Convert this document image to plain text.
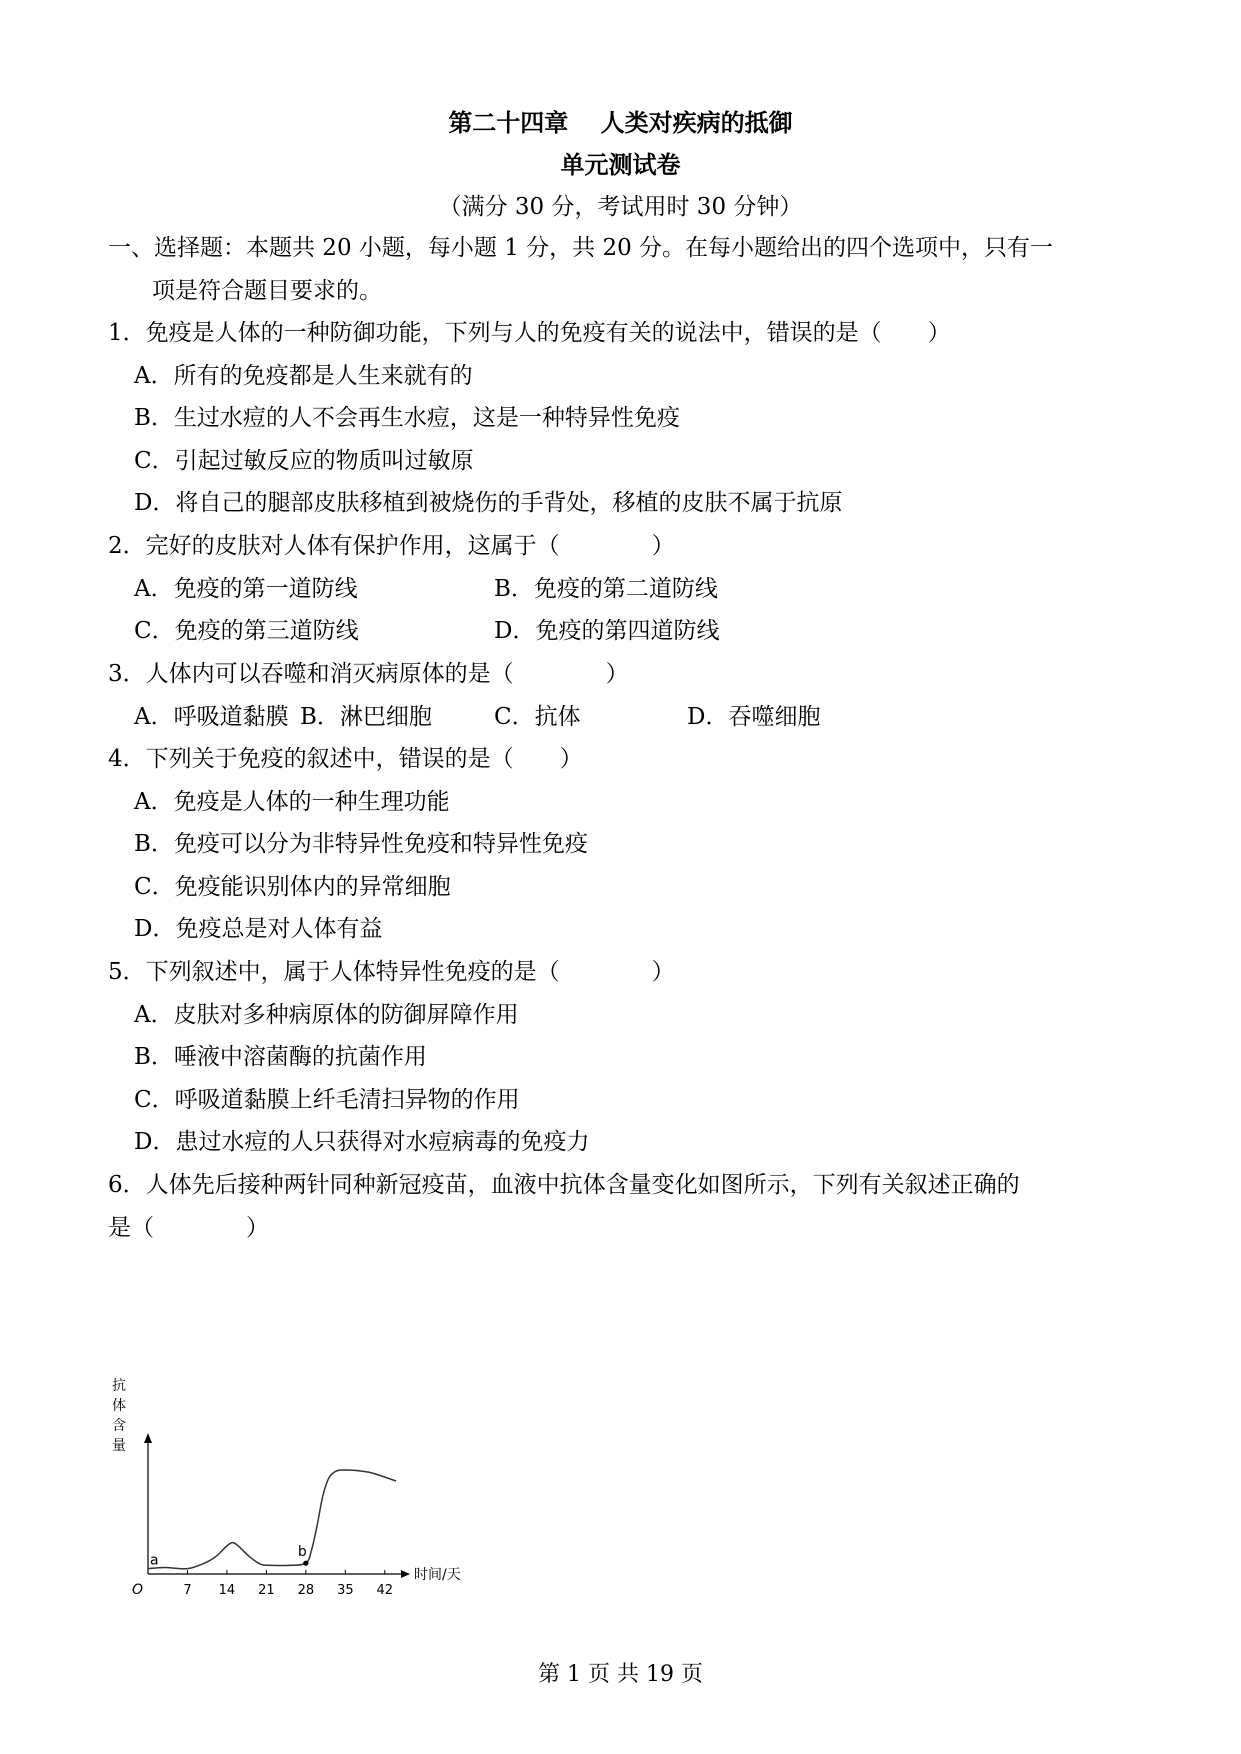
第二十四章　 人类对疾病的抵御
单元测试卷
（满分 30 分，考试用时 30 分钟）
一、选择题：本题共 20 小题，每小题 1 分，共 20 分。在每小题给出的四个选项中，只有一
项是符合题目要求的。
1．免疫是人体的一种防御功能，下列与人的免疫有关的说法中，错误的是（　　）
A．所有的免疫都是人生来就有的
B．生过水痘的人不会再生水痘，这是一种特异性免疫
C．引起过敏反应的物质叫过敏原
D．将自己的腿部皮肤移植到被烧伤的手背处，移植的皮肤不属于抗原
2．完好的皮肤对人体有保护作用，这属于（　　　　）
A．免疫的第一道防线	B．免疫的第二道防线
C．免疫的第三道防线	D．免疫的第四道防线
3．人体内可以吞噬和消灭病原体的是（　　　　）
A．呼吸道黏膜 B．淋巴细胞	C．抗体	D．吞噬细胞
4．下列关于免疫的叙述中，错误的是（　　）
A．免疫是人体的一种生理功能
B．免疫可以分为非特异性免疫和特异性免疫
C．免疫能识别体内的异常细胞
D．免疫总是对人体有益
5．下列叙述中，属于人体特异性免疫的是（　　　　）
A．皮肤对多种病原体的防御屏障作用
B．唾液中溶菌酶的抗菌作用
C．呼吸道黏膜上纤毛清扫异物的作用
D．患过水痘的人只获得对水痘病毒的免疫力
6．人体先后接种两针同种新冠疫苗，血液中抗体含量变化如图所示，下列有关叙述正确的
是（　　　　）
抗
体
含
量
时间/天
O	7 14 21 28 35 42
a
b
第 1 页 共 19 页
